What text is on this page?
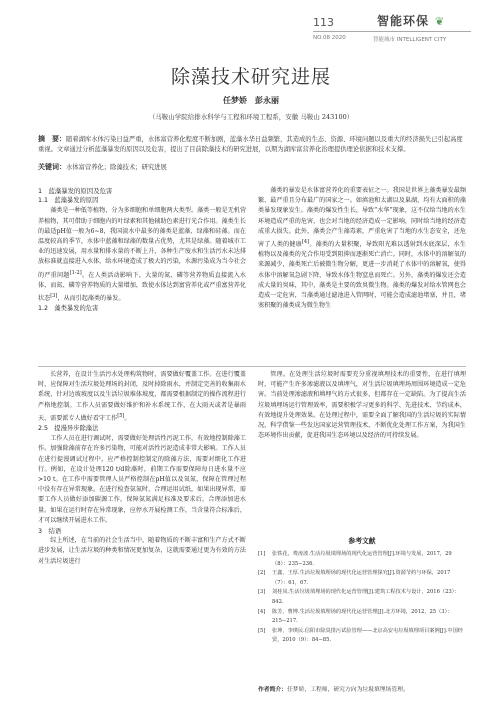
113	智能环保 ❦
NO.08 2020	智能城市 INTELLIGENT CITY
除藻技术研究进展
任梦娇　彭永丽
（马鞍山学院给排水科学与工程和环境工程系，安徽 马鞍山 243100）
摘　要：随着湖库水体污染日益严重，水体富营养化程度不断加剧，蓝藻水华日益频繁，其造成的生态、资源、环境问题以及重大的经济损失已引起高度重视。文章通过分析蓝藻暴发的原因以及危害，提出了目前除藻技术的研究进展，以期为湖库富营养化治理提供理论依据和技术支撑。
关键词：水体富营养化；除藻技术；研究进展
1　蓝藻暴发的原因及危害
1.1　蓝藻暴发的原因

藻类是一种低等植物，分为多细胞和单细胞两大类型。藻类一般是无机营养植物，其可借助于细胞内的叶绿素和其他辅助色素进行光合作用。藻类生长的最适pH值一般为6~8，我国淡水中最多的藻类是蓝藻、绿藻和硅藻。而在温度较高的季节，水体中蓝藻和绿藻的数量占优势，尤其是绿藻。随着城市工业的迅速发展，用水量和排水量的不断上升，各种生产废水和生活污水未达排放标准就直接进入水体，给水环境造成了极大的污染，水源污染成为当今社会的严重问题[1-2]。在人类活动影响下，大量的氮、磷等营养物质直接流入水体，而氮、磷等营养物质的大量增加，致使水体达到富营养化或严重富营养化状态[3]，从而引起藻类的暴发。

1.2　藻类暴发的危害

藻类的暴发是水体富营养化的重要表征之一。我国是世界上藻类暴发最频繁、最严重且分布最广的国家之一。如滇池和太湖以及巢湖，均有大面积的藻类暴发现象发生。藻类的爆发性生长，导致“水华”现象，这不仅给当地的水生环境造成严重的危害，也会对当地的经济造成一定影响，同时给当地的经济造成重大损失。此外，藻类会产生藻毒素，严重危害了当地的水生态安全，还危害了人类的健康[4]。藻类的大量积聚，导致阳光难以透射到水底深层，水生植物以及藻类的光合作用受到阻抑而逐渐死亡消亡。同时，水体中的溶解氧的来源减少，藻类死亡后被微生物分解，更进一步消耗了水体中的溶解氧，使得水体中溶解氧急剧下降，导致水体生物窒息而死亡。另外，藻类的爆发还会造成大量的臭味，其中，藻类是主要的致臭微生物。藻类的爆发对给水管网也会造成一定危害，当藻类通过滤池进入管网时，可能会造成滤池堵塞，并且，堵塞积聚的藻类成为微生物生

长营养，在设计生活污水处理构筑物时，需要做好覆盖工作。在进行覆盖时，应保障对生活垃圾处理场的封闭，及时掉除雨水，并制定完善的收集雨水系统，针对边坡坡度以及生活垃圾堆体坡度，都需要根据制定的操作流程进行严格地控制。工作人员需要做好维护和补水系统工作，在大雨天或者是暴雨天，需要派专人做好看守工作[5]。

2.5　提漫异步除藻法

工作人员在进行调试时，需要做好处理活性污泥工作，有效地控制除藻工作。加强除藻前存在许多污染物，可能对活性污泥造成非常大影响。工作人员在进行提漫调试过程中，应严格控制控制定的除藻方法，需要对细化工作进行。例如，在设计处理120 t/d除藻时，前期工作需要保障每日进水量不应>10 t。在工作中需要管理人员严格控制在pH值以及氧氮，保障在管理过程中没有存在异常现象。在进行检查氨氮时，合理运用试纸，如果出现异常，需要工作人员做好添加碳源工作，保障氨氮满足标准及要求后，合理添加进水量。如果在运行时存在异常现象，应停水开展检测工作，当含量符合标准后，才可以继续开展进水工作。

3　结语

综上所述，在当前的社会生活当中，随着物质的不断丰富和生产方式不断进步发展，让生活垃圾的种类和情况更加复杂，这就需要通过更为有效的方法对生活垃圾进行

管理。在处理生活垃圾时需要充分重视填埋技术的重要性，在进行填埋时，可能产生许多渗滤液以及填埋气，对生活垃圾填埋场周围环境造成一定危害。当前处理渗滤液和填埋气的方式很多，但都存在一定缺陷。为了提高生活垃圾填埋场运行管理效率，需要积极学习更多的科学、先进技术、节约成本，有效地提升处理效果。在处理过程中，需要全面了解我国的生活垃圾的实际情况，科学借鉴一些发达国家运营管理技术，不断优化处理工作方案，为我国生态环境作出贡献，促进我国生态环境以及经济的可持续发展。

参考文献
[1]	张铁花，费涛波.生活垃圾填埋场的现代化运营管理[J].环境与发展，2017，29（8）：235−236.
[2]	王鑫，王厚.生活垃圾填埋场的现代化运营管理探究[J].资源节约与环保，2017（7）：61，67.
[3]	刘桂凤.生活垃圾填埋场的现代化运营管理[J].建筑工程技术与设计，2016（23）：842.
[4]	陈芳，曹博.生活垃圾填埋场的现代化运营管理[J].北方环境，2012，25（3）：215−217.
[5]	张坤，李瑛民.信阳市除臭排污试验管理——北京高安屯垃圾填埋项目案例[J].中国经贸，2010（9）：84−85.
作者简介：任梦娇，工程师，研究方向为垃圾填埋场管理。
